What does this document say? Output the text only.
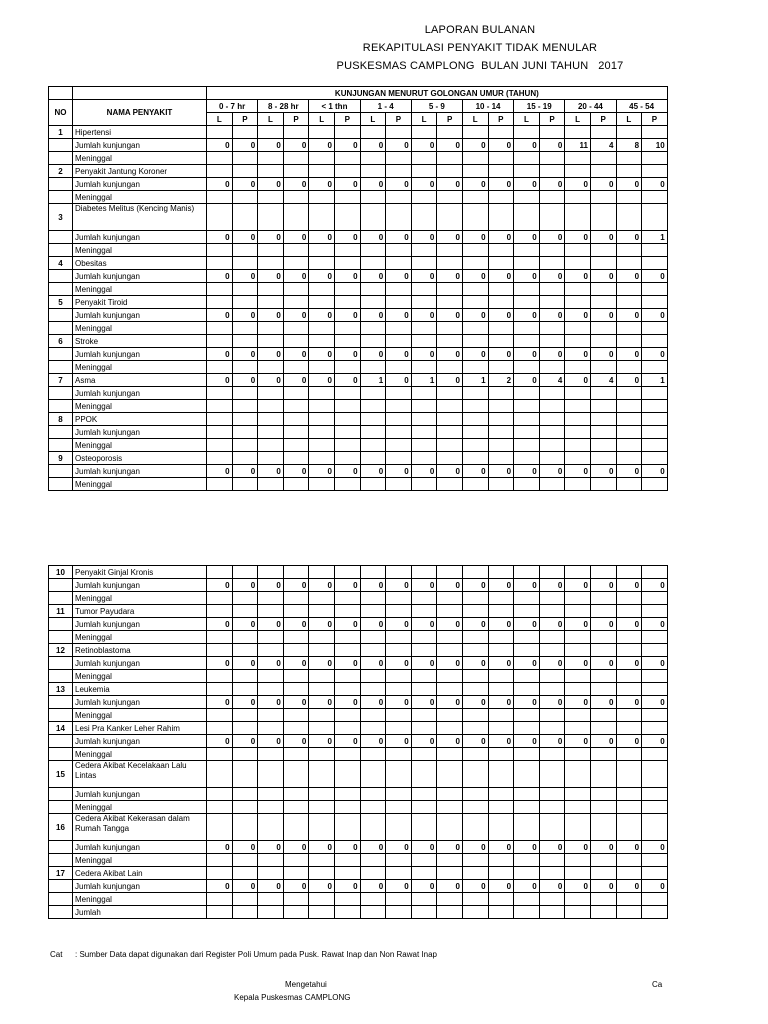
LAPORAN BULANAN
REKAPITULASI PENYAKIT TIDAK MENULAR
PUSKESMAS CAMPLONG  BULAN JUNI TAHUN   2017
		KUNJUNGAN MENURUT GOLONGAN UMUR (TAHUN)																	
NO	NAMA PENYAKIT	0 - 7 hr		8 - 28 hr		< 1 thn		1 - 4		5 - 9		10 - 14		15 - 19		20 - 44		45 - 54	
		L	P	L	P	L	P	L	P	L	P	L	P	L	P	L	P	L	P
1	Hipertensi																		
	Jumlah kunjungan	0	0	0	0	0	0	0	0	0	0	0	0	0	0	11	4	8	10
	Meninggal																		
2	Penyakit Jantung Koroner																		
	Jumlah kunjungan	0	0	0	0	0	0	0	0	0	0	0	0	0	0	0	0	0	0
	Meninggal																		
3	Diabetes Melitus (Kencing Manis)																		
	Jumlah kunjungan	0	0	0	0	0	0	0	0	0	0	0	0	0	0	0	0	0	1
	Meninggal																		
4	Obesitas																		
	Jumlah kunjungan	0	0	0	0	0	0	0	0	0	0	0	0	0	0	0	0	0	0
	Meninggal																		
5	Penyakit Tiroid																		
	Jumlah kunjungan	0	0	0	0	0	0	0	0	0	0	0	0	0	0	0	0	0	0
	Meninggal																		
6	Stroke																		
	Jumlah kunjungan	0	0	0	0	0	0	0	0	0	0	0	0	0	0	0	0	0	0
	Meninggal																		
7	Asma	0	0	0	0	0	0	1	0	1	0	1	2	0	4	0	4	0	1
	Jumlah kunjungan																		
	Meninggal																		
8	PPOK																		
	Jumlah kunjungan																		
	Meninggal																		
9	Osteoporosis																		
	Jumlah kunjungan	0	0	0	0	0	0	0	0	0	0	0	0	0	0	0	0	0	0
	Meninggal																		
10	Penyakit Ginjal Kronis																		
	Jumlah kunjungan	0	0	0	0	0	0	0	0	0	0	0	0	0	0	0	0	0	0
	Meninggal																		
11	Tumor Payudara																		
	Jumlah kunjungan	0	0	0	0	0	0	0	0	0	0	0	0	0	0	0	0	0	0
	Meninggal																		
12	Retinoblastoma																		
	Jumlah kunjungan	0	0	0	0	0	0	0	0	0	0	0	0	0	0	0	0	0	0
	Meninggal																		
13	Leukemia																		
	Jumlah kunjungan	0	0	0	0	0	0	0	0	0	0	0	0	0	0	0	0	0	0
	Meninggal																		
14	Lesi Pra Kanker Leher Rahim																		
	Jumlah kunjungan	0	0	0	0	0	0	0	0	0	0	0	0	0	0	0	0	0	0
	Meninggal																		
15	Cedera Akibat Kecelakaan Lalu Lintas																		
	Jumlah kunjungan																		
	Meninggal																		
16	Cedera Akibat Kekerasan dalam Rumah Tangga																		
	Jumlah kunjungan	0	0	0	0	0	0	0	0	0	0	0	0	0	0	0	0	0	0
	Meninggal																		
17	Cedera Akibat Lain																		
	Jumlah kunjungan	0	0	0	0	0	0	0	0	0	0	0	0	0	0	0	0	0	0
	Meninggal																		
	Jumlah																		
Cat : Sumber Data dapat digunakan dari Register Poli Umum pada Pusk. Rawat Inap dan Non Rawat Inap
Mengetahui
Kepala Puskesmas CAMPLONG
Ca
